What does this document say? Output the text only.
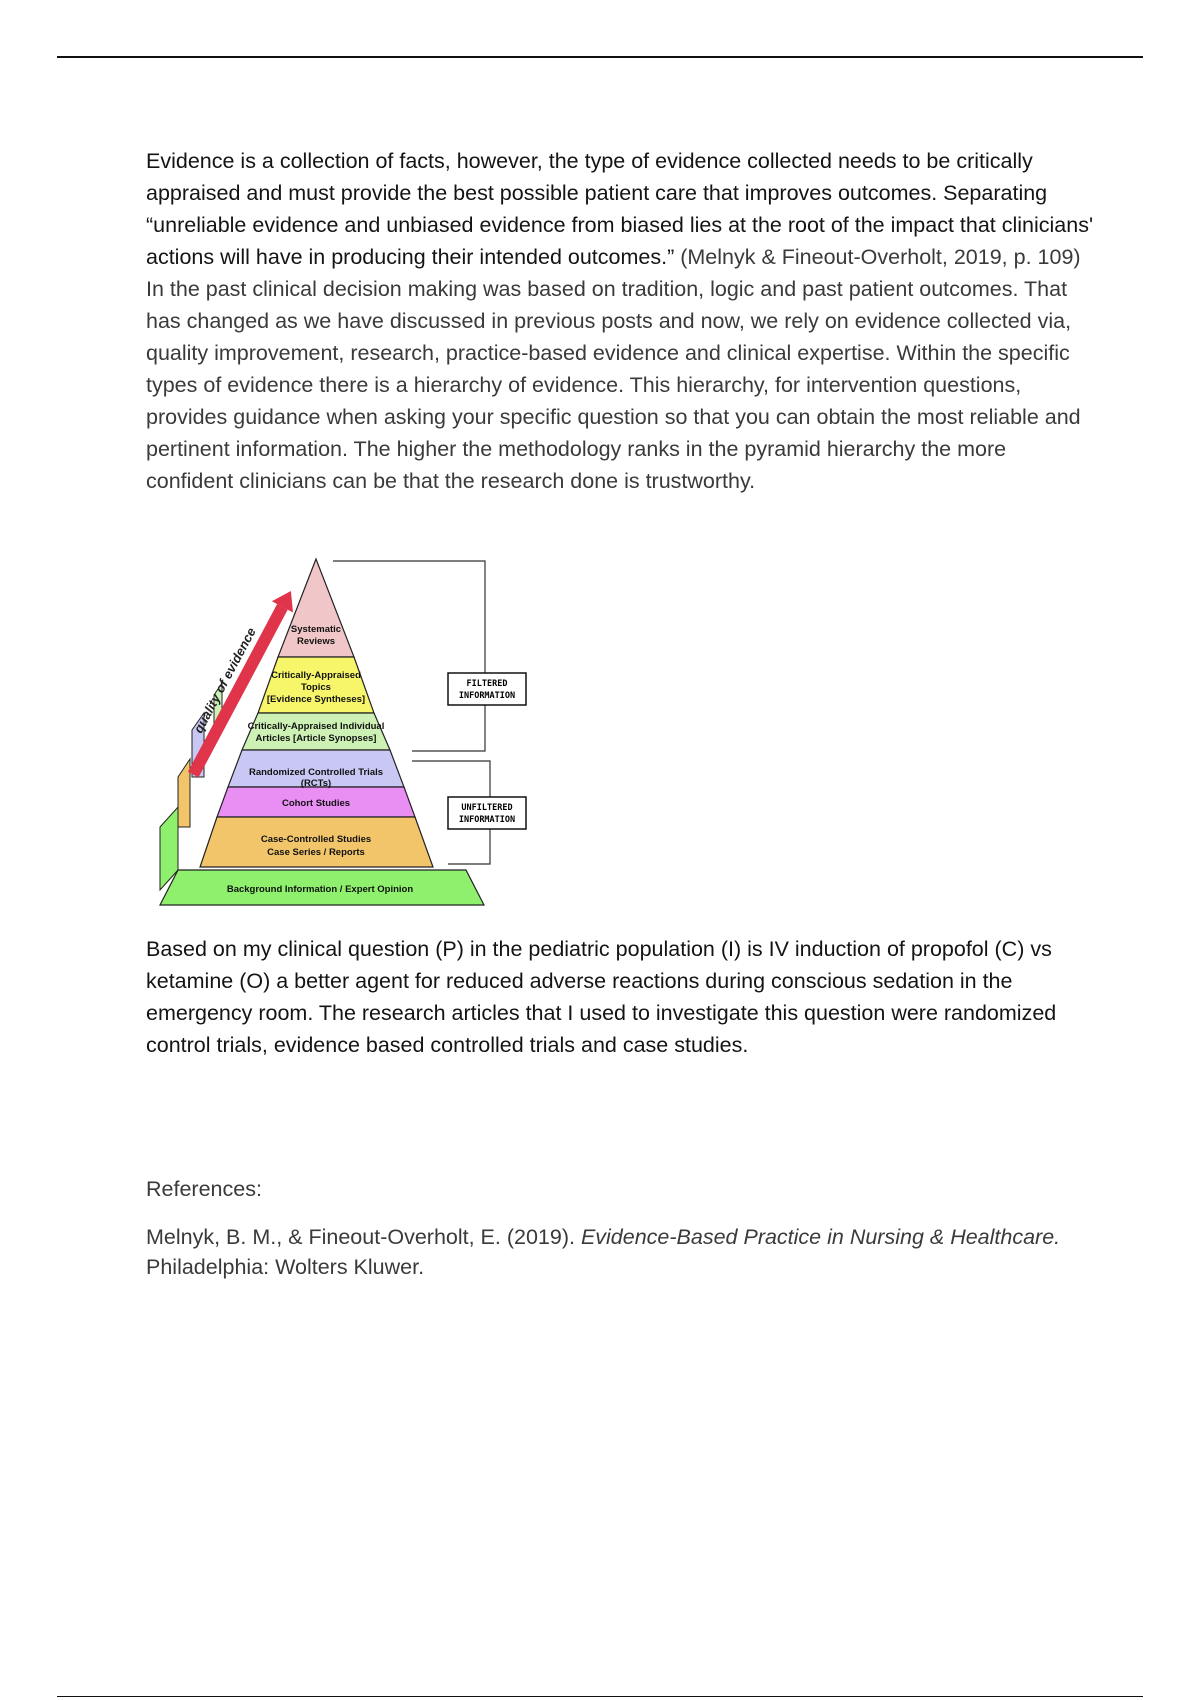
Evidence is a collection of facts, however, the type of evidence collected needs to be critically appraised and must provide the best possible patient care that improves outcomes. Separating “unreliable evidence and unbiased evidence from biased lies at the root of the impact that clinicians' actions will have in producing their intended outcomes.” (Melnyk & Fineout-Overholt, 2019, p. 109) In the past clinical decision making was based on tradition, logic and past patient outcomes. That has changed as we have discussed in previous posts and now, we rely on evidence collected via, quality improvement, research, practice-based evidence and clinical expertise. Within the specific types of evidence there is a hierarchy of evidence. This hierarchy, for intervention questions, provides guidance when asking your specific question so that you can obtain the most reliable and pertinent information. The higher the methodology ranks in the pyramid hierarchy the more confident clinicians can be that the research done is trustworthy.

quality of evidence	Systematic
Reviews
Critically-Appraised
Topics
[Evidence Syntheses]
Critically-Appraised Individual
Articles [Article Synopses]
Randomized Controlled Trials
(RCTs)
Cohort Studies
Case-Controlled Studies
Case Series / Reports
Background Information / Expert Opinion
FILTERED
INFORMATION
UNFILTERED
INFORMATION

Based on my clinical question (P) in the pediatric population (I) is IV induction of propofol (C) vs ketamine (O) a better agent for reduced adverse reactions during conscious sedation in the emergency room. The research articles that I used to investigate this question were randomized control trials, evidence based controlled trials and case studies.

References:
Melnyk, B. M., & Fineout-Overholt, E. (2019). Evidence-Based Practice in Nursing & Healthcare. Philadelphia: Wolters Kluwer.
